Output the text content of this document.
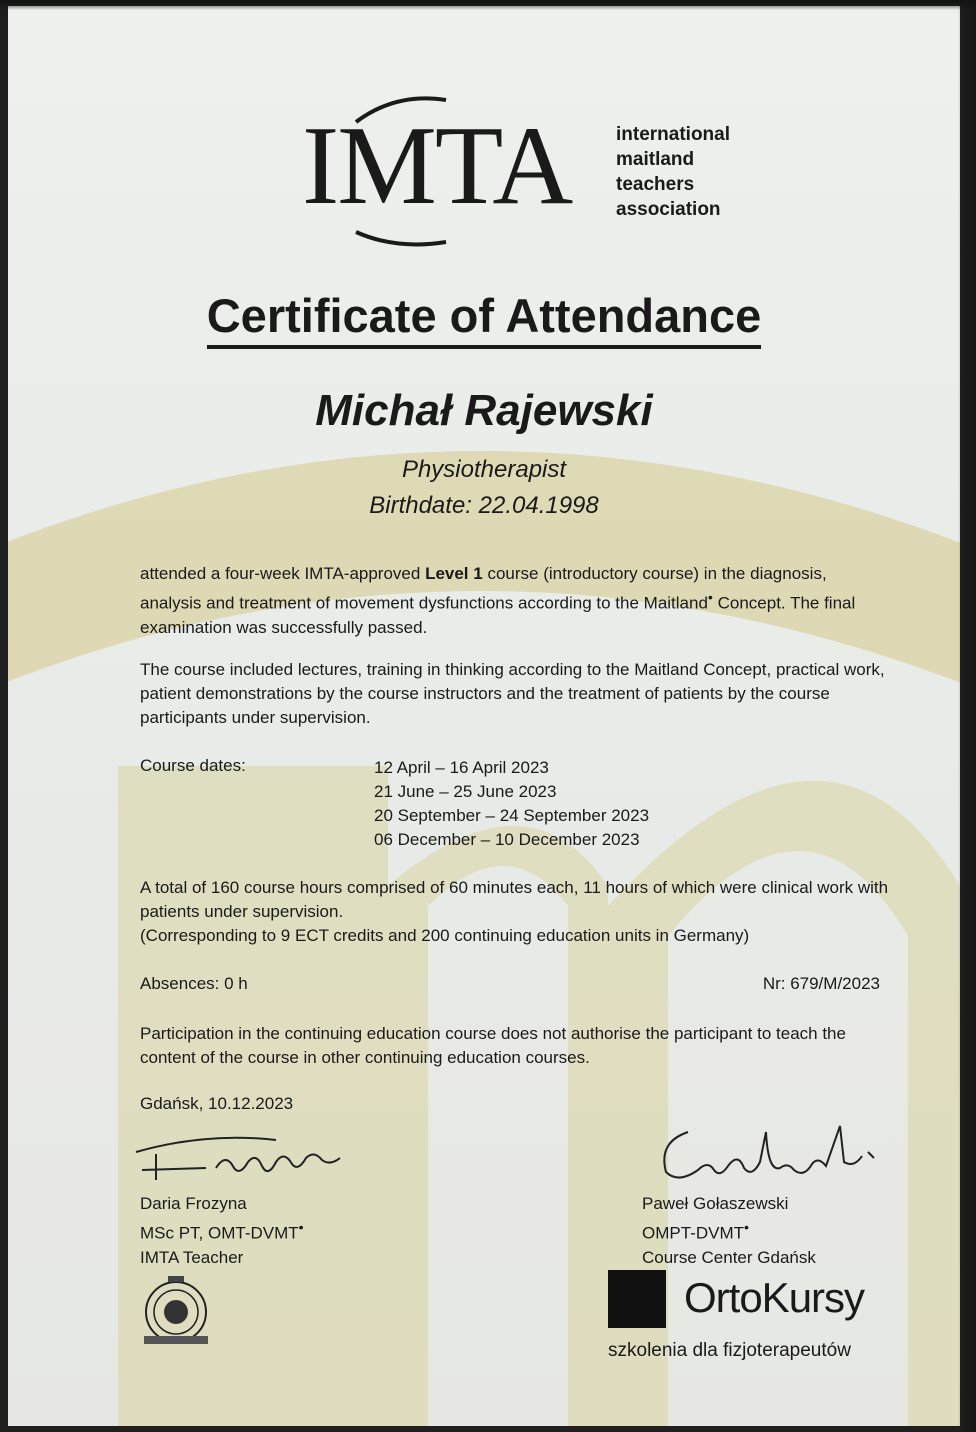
IMTA international
maitland
teachers
association
Certificate of Attendance
Michał Rajewski
Physiotherapist
Birthdate: 22.04.1998
attended a four-week IMTA-approved Level 1 course (introductory course) in the diagnosis, analysis and treatment of movement dysfunctions according to the Maitland• Concept. The final examination was successfully passed.
The course included lectures, training in thinking according to the Maitland Concept, practical work, patient demonstrations by the course instructors and the treatment of patients by the course participants under supervision.
Course dates:	12 April – 16 April 2023
21 June – 25 June 2023
20 September – 24 September 2023
06 December – 10 December 2023
A total of 160 course hours comprised of 60 minutes each, 11 hours of which were clinical work with patients under supervision.
(Corresponding to 9 ECT credits and 200 continuing education units in Germany)
Absences: 0 h	Nr: 679/M/2023
Participation in the continuing education course does not authorise the participant to teach the content of the course in other continuing education courses.
Gdańsk, 10.12.2023
Daria Frozyna
MSc PT, OMT-DVMT•
IMTA Teacher
Paweł Gołaszewski
OMPT-DVMT•
Course Center Gdańsk
OrtoKursy
szkolenia dla fizjoterapeutów
